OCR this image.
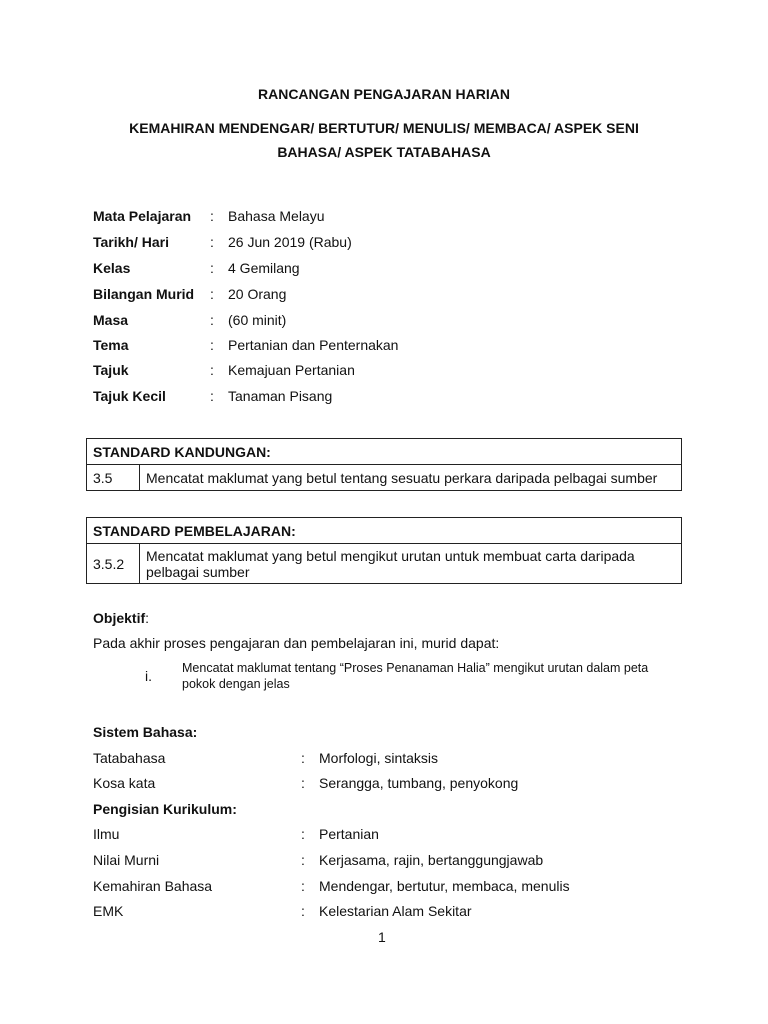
RANCANGAN PENGAJARAN HARIAN
KEMAHIRAN MENDENGAR/ BERTUTUR/ MENULIS/ MEMBACA/ ASPEK SENI
BAHASA/ ASPEK TATABAHASA
Mata Pelajaran : Bahasa Melayu
Tarikh/ Hari	: 26 Jun 2019 (Rabu)
Kelas	: 4 Gemilang
Bilangan Murid : 20 Orang
Masa	: (60 minit)
Tema	: Pertanian dan Penternakan
Tajuk	: Kemajuan Pertanian
Tajuk Kecil	: Tanaman Pisang
STANDARD KANDUNGAN:
3.5	Mencatat maklumat yang betul tentang sesuatu perkara daripada pelbagai sumber
STANDARD PEMBELAJARAN:
3.5.2	Mencatat maklumat yang betul mengikut urutan untuk membuat carta daripada
pelbagai sumber
Objektif:
Pada akhir proses pengajaran dan pembelajaran ini, murid dapat:
i. Mencatat maklumat tentang “Proses Penanaman Halia” mengikut urutan dalam peta
pokok dengan jelas
Sistem Bahasa:
Tatabahasa	: Morfologi, sintaksis
Kosa kata	: Serangga, tumbang, penyokong
Pengisian Kurikulum:
Ilmu	: Pertanian
Nilai Murni	: Kerjasama, rajin, bertanggungjawab
Kemahiran Bahasa	: Mendengar, bertutur, membaca, menulis
EMK	: Kelestarian Alam Sekitar
1
